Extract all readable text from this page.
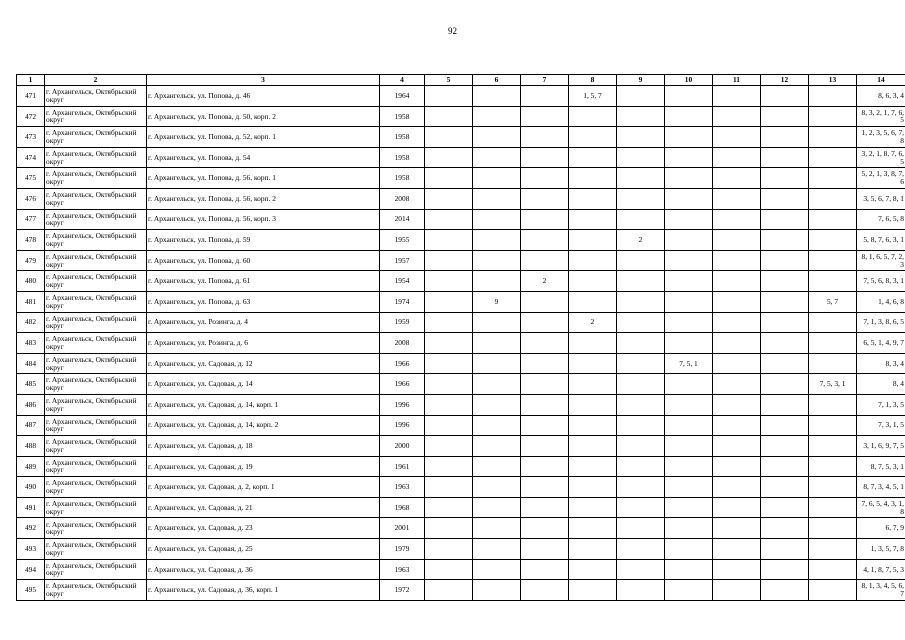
92
1	2	3	4	5	6	7	8	9	10	11	12	13	14
471	г. Архангельск, Октябрьский округ	г. Архангельск, ул. Попова, д. 46	1964				1, 5, 7						8, 6, 3, 4
472	г. Архангельск, Октябрьский округ	г. Архангельск, ул. Попова, д. 50, корп. 2	1958										8, 3, 2, 1, 7, 6, 5
473	г. Архангельск, Октябрьский округ	г. Архангельск, ул. Попова, д. 52, корп. 1	1958										1, 2, 3, 5, 6, 7, 8
474	г. Архангельск, Октябрьский округ	г. Архангельск, ул. Попова, д. 54	1958										3, 2, 1, 8, 7, 6, 5
475	г. Архангельск, Октябрьский округ	г. Архангельск, ул. Попова, д. 56, корп. 1	1958										5, 2, 1, 3, 8, 7, 6
476	г. Архангельск, Октябрьский округ	г. Архангельск, ул. Попова, д. 56, корп. 2	2008										3, 5, 6, 7, 8, 1
477	г. Архангельск, Октябрьский округ	г. Архангельск, ул. Попова, д. 56, корп. 3	2014										7, 6, 5, 8
478	г. Архангельск, Октябрьский округ	г. Архангельск, ул. Попова, д. 59	1955					2					5, 8, 7, 6, 3, 1
479	г. Архангельск, Октябрьский округ	г. Архангельск, ул. Попова, д. 60	1957										8, 1, 6, 5, 7, 2, 3
480	г. Архангельск, Октябрьский округ	г. Архангельск, ул. Попова, д. 61	1954			2							7, 5, 6, 8, 3, 1
481	г. Архангельск, Октябрьский округ	г. Архангельск, ул. Попова, д. 63	1974		9							5, 7	1, 4, 6, 8
482	г. Архангельск, Октябрьский округ	г. Архангельск, ул. Розинга, д. 4	1959				2						7, 1, 3, 8, 6, 5
483	г. Архангельск, Октябрьский округ	г. Архангельск, ул. Розинга, д. 6	2008										6, 5, 1, 4, 9, 7
484	г. Архангельск, Октябрьский округ	г. Архангельск, ул. Садовая, д. 12	1966						7, 5, 1				8, 3, 4
485	г. Архангельск, Октябрьский округ	г. Архангельск, ул. Садовая, д. 14	1966									7, 5, 3, 1	8, 4
486	г. Архангельск, Октябрьский округ	г. Архангельск, ул. Садовая, д. 14, корп. 1	1996										7, 1, 3, 5
487	г. Архангельск, Октябрьский округ	г. Архангельск, ул. Садовая, д. 14, корп. 2	1996										7, 3, 1, 5
488	г. Архангельск, Октябрьский округ	г. Архангельск, ул. Садовая, д. 18	2000										3, 1, 6, 9, 7, 5
489	г. Архангельск, Октябрьский округ	г. Архангельск, ул. Садовая, д. 19	1961										8, 7, 5, 3, 1
490	г. Архангельск, Октябрьский округ	г. Архангельск, ул. Садовая, д. 2, корп. 1	1963										8, 7, 3, 4, 5, 1
491	г. Архангельск, Октябрьский округ	г. Архангельск, ул. Садовая, д. 21	1968										7, 6, 5, 4, 3, 1, 8
492	г. Архангельск, Октябрьский округ	г. Архангельск, ул. Садовая, д. 23	2001										6, 7, 9
493	г. Архангельск, Октябрьский округ	г. Архангельск, ул. Садовая, д. 25	1979										1, 3, 5, 7, 8
494	г. Архангельск, Октябрьский округ	г. Архангельск, ул. Садовая, д. 36	1963										4, 1, 8, 7, 5, 3
495	г. Архангельск, Октябрьский округ	г. Архангельск, ул. Садовая, д. 36, корп. 1	1972										8, 1, 3, 4, 5, 6, 7
